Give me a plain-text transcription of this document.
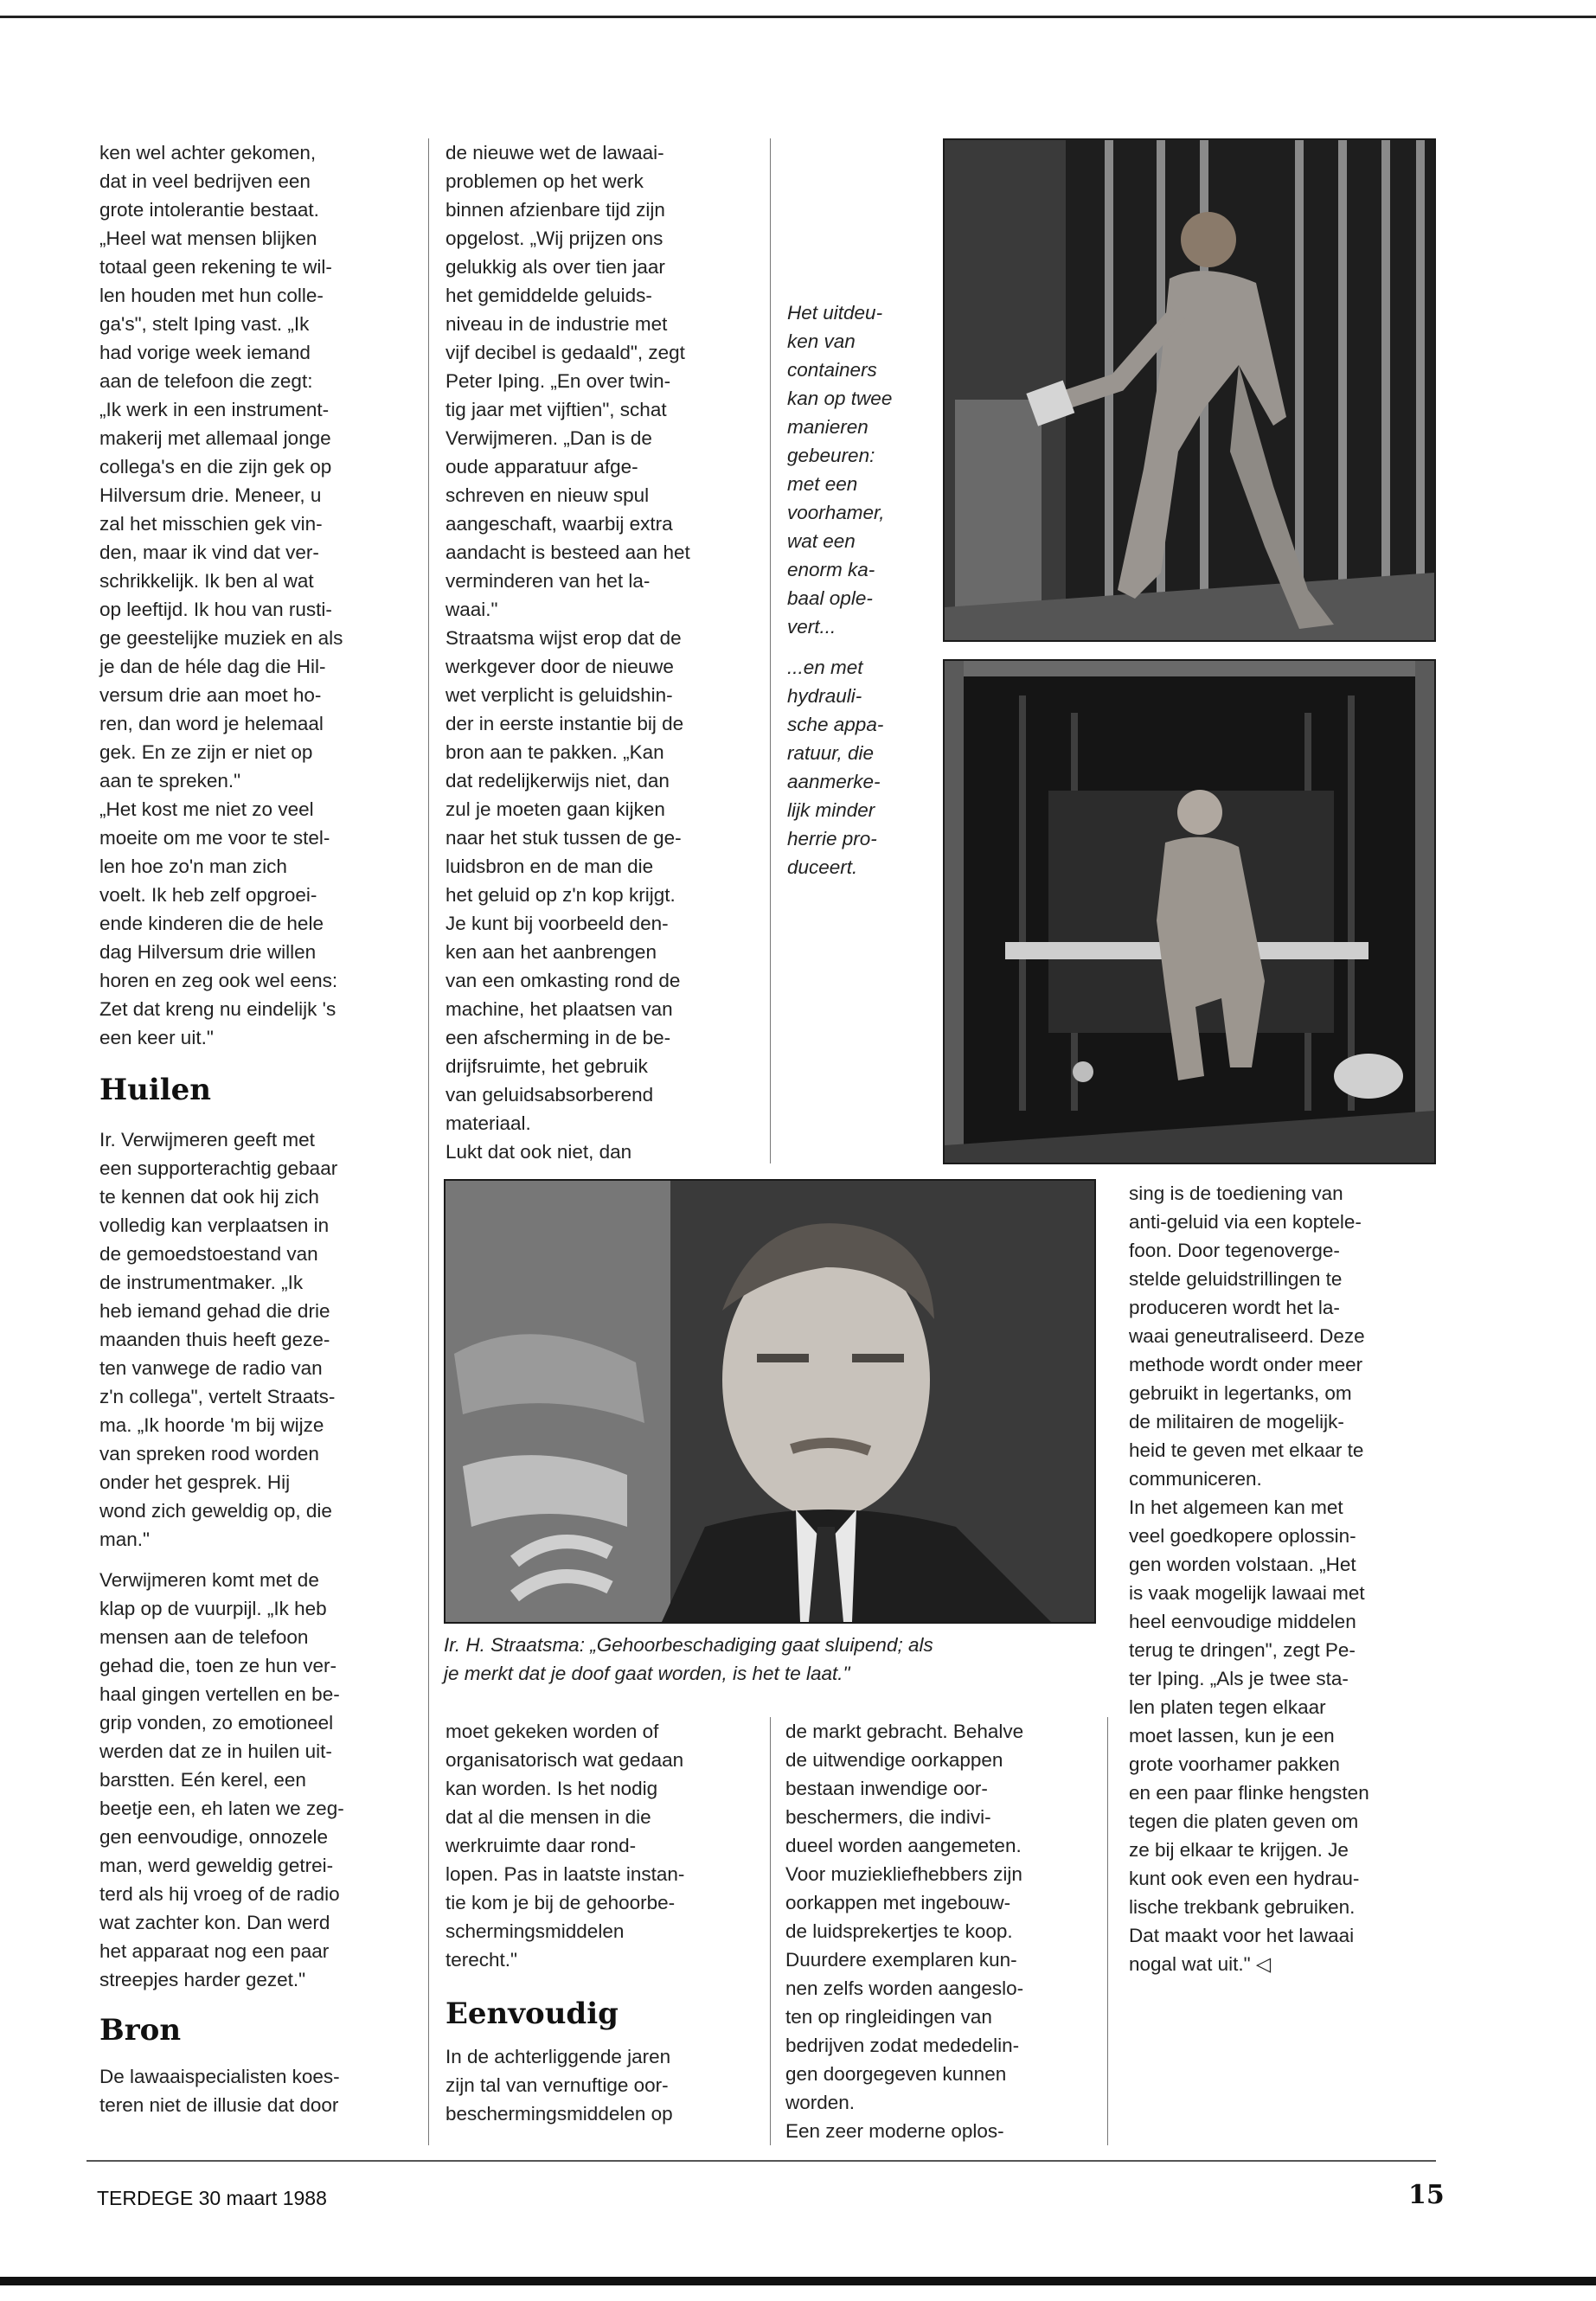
ken wel achter gekomen,
dat in veel bedrijven een
grote intolerantie bestaat.
„Heel wat mensen blijken
totaal geen rekening te wil-
len houden met hun colle-
ga's", stelt Iping vast. „Ik
had vorige week iemand
aan de telefoon die zegt:
„Ik werk in een instrument-
makerij met allemaal jonge
collega's en die zijn gek op
Hilversum drie. Meneer, u
zal het misschien gek vin-
den, maar ik vind dat ver-
schrikkelijk. Ik ben al wat
op leeftijd. Ik hou van rusti-
ge geestelijke muziek en als
je dan de héle dag die Hil-
versum drie aan moet ho-
ren, dan word je helemaal
gek. En ze zijn er niet op
aan te spreken."
„Het kost me niet zo veel
moeite om me voor te stel-
len hoe zo'n man zich
voelt. Ik heb zelf opgroei-
ende kinderen die de hele
dag Hilversum drie willen
horen en zeg ook wel eens:
Zet dat kreng nu eindelijk 's
een keer uit."

Huilen

Ir. Verwijmeren geeft met
een supporterachtig gebaar
te kennen dat ook hij zich
volledig kan verplaatsen in
de gemoedstoestand van
de instrumentmaker. „Ik
heb iemand gehad die drie
maanden thuis heeft geze-
ten vanwege de radio van
z'n collega", vertelt Straats-
ma. „Ik hoorde 'm bij wijze
van spreken rood worden
onder het gesprek. Hij
wond zich geweldig op, die
man."

Verwijmeren komt met de
klap op de vuurpijl. „Ik heb
mensen aan de telefoon
gehad die, toen ze hun ver-
haal gingen vertellen en be-
grip vonden, zo emotioneel
werden dat ze in huilen uit-
barstten. Eén kerel, een
beetje een, eh laten we zeg-
gen eenvoudige, onnozele
man, werd geweldig getrei-
terd als hij vroeg of de radio
wat zachter kon. Dan werd
het apparaat nog een paar
streepjes harder gezet."

Bron

De lawaaispecialisten koes-
teren niet de illusie dat door

de nieuwe wet de lawaai-
problemen op het werk
binnen afzienbare tijd zijn
opgelost. „Wij prijzen ons
gelukkig als over tien jaar
het gemiddelde geluids-
niveau in de industrie met
vijf decibel is gedaald", zegt
Peter Iping. „En over twin-
tig jaar met vijftien", schat
Verwijmeren. „Dan is de
oude apparatuur afge-
schreven en nieuw spul
aangeschaft, waarbij extra
aandacht is besteed aan het
verminderen van het la-
waai."

Straatsma wijst erop dat de
werkgever door de nieuwe
wet verplicht is geluidshin-
der in eerste instantie bij de
bron aan te pakken. „Kan
dat redelijkerwijs niet, dan
zul je moeten gaan kijken
naar het stuk tussen de ge-
luidsbron en de man die
het geluid op z'n kop krijgt.
Je kunt bij voorbeeld den-
ken aan het aanbrengen
van een omkasting rond de
machine, het plaatsen van
een afscherming in de be-
drijfsruimte, het gebruik
van geluidsabsorberend
materiaal.
Lukt dat ook niet, dan

Het uitdeu-
ken van
containers
kan op twee
manieren
gebeuren:
met een
voorhamer,
wat een
enorm ka-
baal ople-
vert...

...en met
hydrauli-
sche appa-
ratuur, die
aanmerke-
lijk minder
herrie pro-
duceert.

Ir. H. Straatsma: „Gehoorbeschadiging gaat sluipend; als
je merkt dat je doof gaat worden, is het te laat."

moet gekeken worden of
organisatorisch wat gedaan
kan worden. Is het nodig
dat al die mensen in die
werkruimte daar rond-
lopen. Pas in laatste instan-
tie kom je bij de gehoorbe-
schermingsmiddelen
terecht."

Eenvoudig

In de achterliggende jaren
zijn tal van vernuftige oor-
beschermingsmiddelen op

de markt gebracht. Behalve
de uitwendige oorkappen
bestaan inwendige oor-
beschermers, die indivi-
dueel worden aangemeten.
Voor muziekliefhebbers zijn
oorkappen met ingebouw-
de luidsprekertjes te koop.
Duurdere exemplaren kun-
nen zelfs worden aangeslo-
ten op ringleidingen van
bedrijven zodat mededelin-
gen doorgegeven kunnen
worden.
Een zeer moderne oplos-

sing is de toediening van
anti-geluid via een koptele-
foon. Door tegenoverge-
stelde geluidstrillingen te
produceren wordt het la-
waai geneutraliseerd. Deze
methode wordt onder meer
gebruikt in legertanks, om
de militairen de mogelijk-
heid te geven met elkaar te
communiceren.
In het algemeen kan met
veel goedkopere oplossin-
gen worden volstaan. „Het
is vaak mogelijk lawaai met
heel eenvoudige middelen
terug te dringen", zegt Pe-
ter Iping. „Als je twee sta-
len platen tegen elkaar
moet lassen, kun je een
grote voorhamer pakken
en een paar flinke hengsten
tegen die platen geven om
ze bij elkaar te krijgen. Je
kunt ook even een hydrau-
lische trekbank gebruiken.
Dat maakt voor het lawaai
nogal wat uit." ◁

TERDEGE 30 maart 1988	15
